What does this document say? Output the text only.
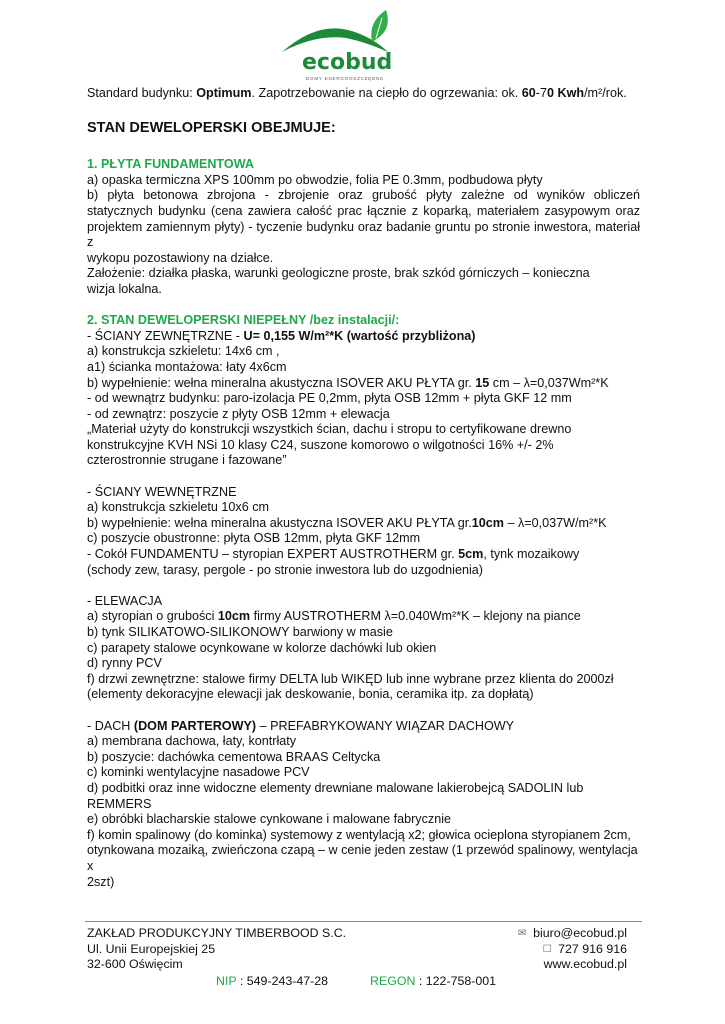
ecobud
DOMY ENERGOOSZCZĘDNE

Standard budynku: Optimum. Zapotrzebowanie na ciepło do ogrzewania: ok. 60-70 Kwh/m²/rok.

STAN DEWELOPERSKI OBEJMUJE:

1. PŁYTA FUNDAMENTOWA

a) opaska termiczna XPS 100mm po obwodzie, folia PE 0.3mm, podbudowa płyty

b) płyta betonowa zbrojona - zbrojenie oraz grubość płyty zależne od wyników obliczeń statycznych budynku (cena zawiera całość prac łącznie z koparką, materiałem zasypowym oraz projektem zamiennym płyty) - tyczenie budynku oraz badanie gruntu po stronie inwestora, materiał z

wykopu pozostawiony na działce.

Założenie: działka płaska, warunki geologiczne proste, brak szkód górniczych – konieczna

wizja lokalna.

2. STAN DEWELOPERSKI NIEPEŁNY /bez instalacji/:

- ŚCIANY ZEWNĘTRZNE - U= 0,155 W/m²*K (wartość przybliżona)

a) konstrukcja szkieletu: 14x6 cm ,

a1) ścianka montażowa: łaty 4x6cm

b) wypełnienie: wełna mineralna akustyczna ISOVER AKU PŁYTA gr. 15 cm – λ=0,037Wm²*K

- od wewnątrz budynku: paro-izolacja PE 0,2mm, płyta OSB 12mm + płyta GKF 12 mm

- od zewnątrz: poszycie z płyty OSB 12mm + elewacja

„Materiał użyty do konstrukcji wszystkich ścian, dachu i stropu to certyfikowane drewno

konstrukcyjne KVH NSi 10 klasy C24, suszone komorowo o wilgotności 16% +/- 2%

czterostronnie strugane i fazowane”

- ŚCIANY WEWNĘTRZNE

a) konstrukcja szkieletu 10x6 cm

b) wypełnienie: wełna mineralna akustyczna ISOVER AKU PŁYTA gr.10cm – λ=0,037W/m²*K

c) poszycie obustronne: płyta OSB 12mm, płyta GKF 12mm

- Cokół FUNDAMENTU – styropian EXPERT AUSTROTHERM gr. 5cm, tynk mozaikowy

(schody zew, tarasy, pergole - po stronie inwestora lub do uzgodnienia)

- ELEWACJA

a) styropian o grubości 10cm firmy AUSTROTHERM λ=0.040Wm²*K – klejony na piance

b) tynk SILIKATOWO-SILIKONOWY barwiony w masie

c) parapety stalowe ocynkowane w kolorze dachówki lub okien

d) rynny PCV

f) drzwi zewnętrzne: stalowe firmy DELTA lub WIKĘD lub inne wybrane przez klienta do 2000zł

(elementy dekoracyjne elewacji jak deskowanie, bonia, ceramika itp. za dopłatą)

- DACH (DOM PARTEROWY) – PREFABRYKOWANY WIĄZAR DACHOWY

a) membrana dachowa, łaty, kontrłaty

b) poszycie: dachówka cementowa BRAAS Celtycka

c) kominki wentylacyjne nasadowe PCV

d) podbitki oraz inne widoczne elementy drewniane malowane lakierobejcą SADOLIN lub

REMMERS

e) obróbki blacharskie stalowe cynkowane i malowane fabrycznie

f) komin spalinowy (do kominka) systemowy z wentylacją x2; głowica ocieplona styropianem 2cm,

otynkowana mozaiką, zwieńczona czapą – w cenie jeden zestaw (1 przewód spalinowy, wentylacja x

2szt)

ZAKŁAD PRODUKCYJNY TIMBERBOOD S.C.
Ul. Unii Europejskiej 25
32-600 Oświęcim
✉ biuro@ecobud.pl
☐ 727 916 916
www.ecobud.pl
NIP : 549-243-47-28	REGON : 122-758-001
